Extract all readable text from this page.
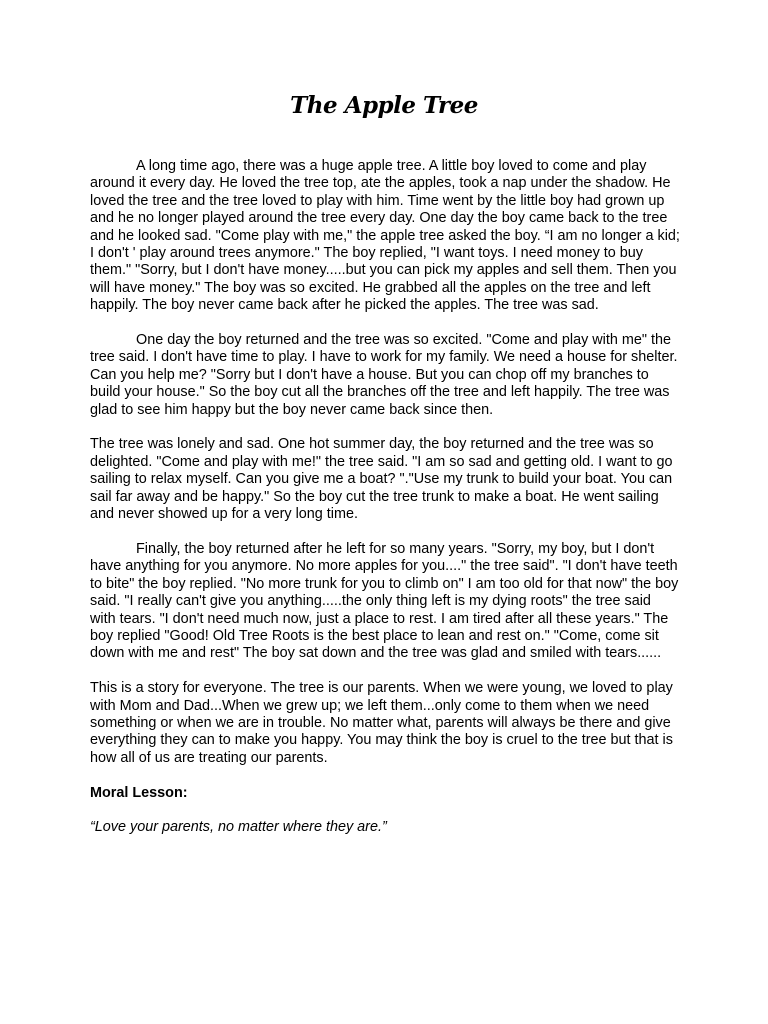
The Apple Tree

A long time ago, there was a huge apple tree. A little boy loved to come and play around it every day. He loved the tree top, ate the apples, took a nap under the shadow. He loved the tree and the tree loved to play with him. Time went by the little boy had grown up and he no longer played around the tree every day. One day the boy came back to the tree and he looked sad. "Come play with me," the apple tree asked the boy. “I am no longer a kid; I don't ' play around trees anymore." The boy replied, "I want toys. I need money to buy them." "Sorry, but I don't have money.....but you can pick my apples and sell them. Then you will have money." The boy was so excited. He grabbed all the apples on the tree and left happily. The boy never came back after he picked the apples. The tree was sad.

One day the boy returned and the tree was so excited. "Come and play with me" the tree said. I don't have time to play. I have to work for my family. We need a house for shelter. Can you help me? "Sorry but I don't have a house. But you can chop off my branches to build your house." So the boy cut all the branches off the tree and left happily. The tree was glad to see him happy but the boy never came back since then.

The tree was lonely and sad. One hot summer day, the boy returned and the tree was so delighted. "Come and play with me!" the tree said. "I am so sad and getting old. I want to go sailing to relax myself. Can you give me a boat? "."Use my trunk to build your boat. You can sail far away and be happy." So the boy cut the tree trunk to make a boat. He went sailing and never showed up for a very long time.

Finally, the boy returned after he left for so many years. "Sorry, my boy, but I don't have anything for you anymore. No more apples for you...." the tree said". "I don't have teeth to bite" the boy replied. "No more trunk for you to climb on" I am too old for that now" the boy said. "I really can't give you anything.....the only thing left is my dying roots" the tree said with tears. "I don't need much now, just a place to rest. I am tired after all these years." The boy replied "Good! Old Tree Roots is the best place to lean and rest on." "Come, come sit down with me and rest" The boy sat down and the tree was glad and smiled with tears......

This is a story for everyone. The tree is our parents. When we were young, we loved to play with Mom and Dad...When we grew up; we left them...only come to them when we need something or when we are in trouble. No matter what, parents will always be there and give everything they can to make you happy. You may think the boy is cruel to the tree but that is how all of us are treating our parents.

Moral Lesson:

“Love your parents, no matter where they are.”
